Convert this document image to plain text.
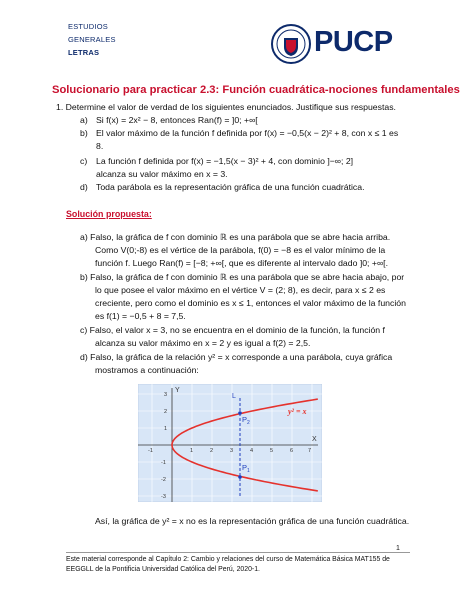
ESTUDIOS
GENERALES
LETRAS	PUCP
Solucionario para practicar 2.3: Función cuadrática-nociones fundamentales
1. Determine el valor de verdad de los siguientes enunciados. Justifique sus respuestas.
a) Si f(x) = 2x² − 8, entonces Ran(f) = ]0; +∞[
b) El valor máximo de la función f definida por f(x) = −0,5(x − 2)² + 8, con x ≤ 1 es
8.
c) La función f definida por f(x) = −1,5(x − 3)² + 4, con dominio ]−∞; 2]
alcanza su valor máximo en x = 3.
d) Toda parábola es la representación gráfica de una función cuadrática.
Solución propuesta:
a) Falso, la gráfica de f con dominio ℝ es una parábola que se abre hacia arriba.
Como V(0;-8) es el vértice de la parábola, f(0) = −8 es el valor mínimo de la
función f. Luego Ran(f) = [−8; +∞[, que es diferente al intervalo dado ]0; +∞[.
b) Falso, la gráfica de f con dominio ℝ es una parábola que se abre hacia abajo, por
lo que posee el valor máximo en el vértice V = (2; 8), es decir, para x ≤ 2 es
creciente, pero como el dominio es x ≤ 1, entonces el valor máximo de la función
es f(1) = −0,5 + 8 = 7,5.
c) Falso, el valor x = 3, no se encuentra en el dominio de la función, la función f
alcanza su valor máximo en x = 2 y es igual a f(2) = 2,5.
d) Falso, la gráfica de la relación y² = x corresponde a una parábola, cuya gráfica
mostramos a continuación:
X
Y
-1	1	2	3	4	5	6	7
3
2
1
-1
-2
-3
L
$P_2$
$P_1$
y² = x
Así, la gráfica de y² = x no es la representación gráfica de una función cuadrática.
1
Este material corresponde al Capítulo 2: Cambio y relaciones del curso de Matemática Básica MAT155 de
EEGGLL de la Pontificia Universidad Católica del Perú, 2020-1.
